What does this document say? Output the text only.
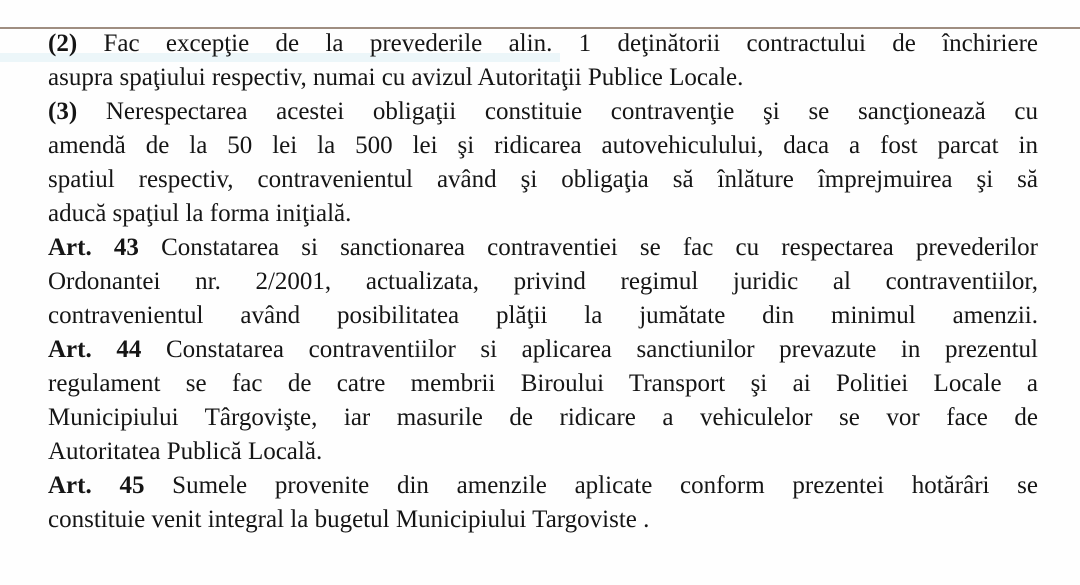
(2) Fac excepţie de la prevederile alin. 1 deţinătorii contractului de închiriere
asupra spaţiului respectiv, numai cu avizul Autoritaţii Publice Locale.
(3) Nerespectarea acestei obligaţii constituie contravenţie şi se sancţionează cu
amendă de la 50 lei la 500 lei şi ridicarea autovehiculului, daca a fost parcat in
spatiul respectiv, contravenientul având şi obligaţia să înlăture împrejmuirea şi să
aducă spaţiul la forma iniţială.
Art. 43 Constatarea si sanctionarea contraventiei se fac cu respectarea prevederilor
Ordonantei nr. 2/2001, actualizata, privind regimul juridic al contraventiilor,
contravenientul având posibilitatea plăţii la jumătate din minimul amenzii.
Art. 44 Constatarea contraventiilor si aplicarea sanctiunilor prevazute in prezentul
regulament se fac de catre membrii Biroului Transport şi ai Politiei Locale a
Municipiului Târgovişte, iar masurile de ridicare a vehiculelor se vor face de
Autoritatea Publică Locală.
Art. 45 Sumele provenite din amenzile aplicate conform prezentei hotărâri se
constituie venit integral la bugetul Municipiului Targoviste .
